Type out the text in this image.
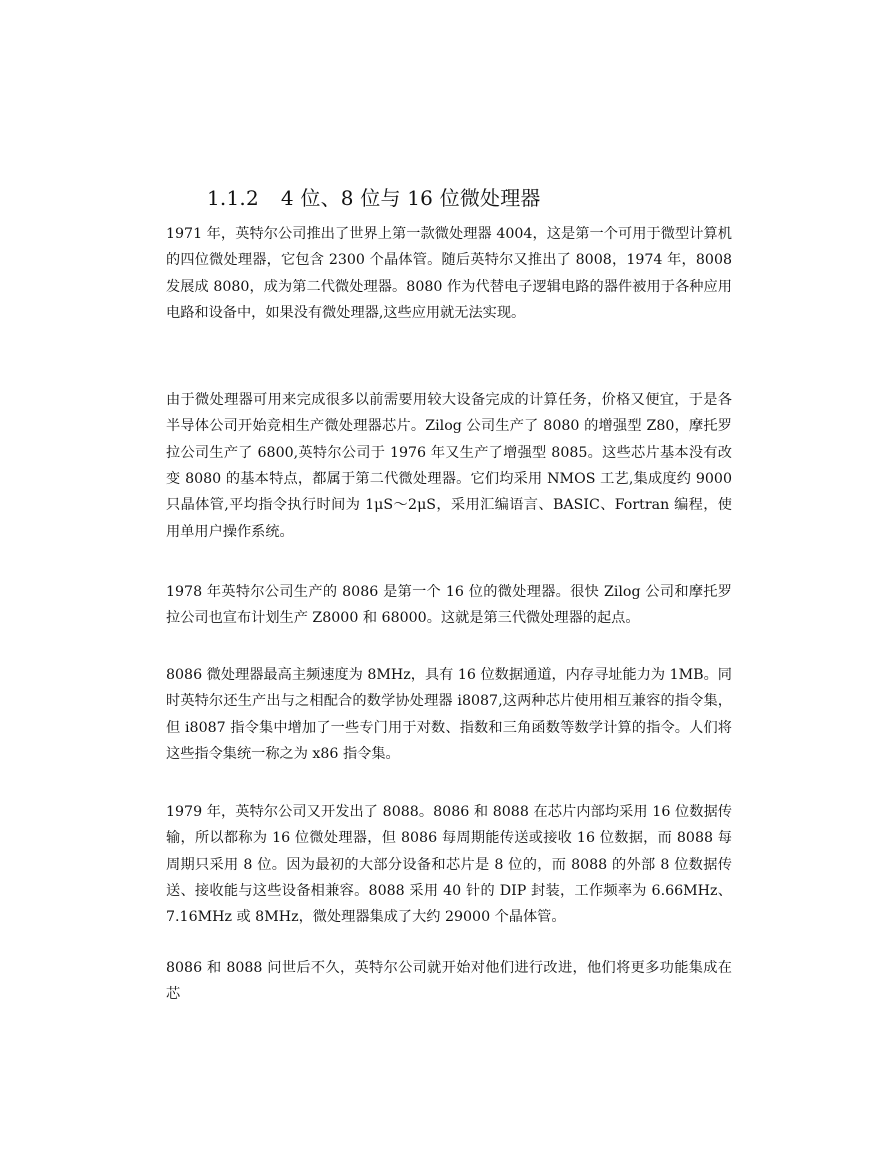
1.1.2 4 位、8 位与 16 位微处理器

1971 年，英特尔公司推出了世界上第一款微处理器 4004，这是第一个可用于微型计算机的四位微处理器，它包含 2300 个晶体管。随后英特尔又推出了 8008，1974 年，8008 发展成 8080，成为第二代微处理器。8080 作为代替电子逻辑电路的器件被用于各种应用电路和设备中，如果没有微处理器,这些应用就无法实现。

由于微处理器可用来完成很多以前需要用较大设备完成的计算任务，价格又便宜，于是各半导体公司开始竞相生产微处理器芯片。Zilog 公司生产了 8080 的增强型 Z80，摩托罗拉公司生产了 6800,英特尔公司于 1976 年又生产了增强型 8085。这些芯片基本没有改变 8080 的基本特点，都属于第二代微处理器。它们均采用 NMOS 工艺,集成度约 9000 只晶体管,平均指令执行时间为 1μS～2μS，采用汇编语言、BASIC、Fortran 编程，使用单用户操作系统。

1978 年英特尔公司生产的 8086 是第一个 16 位的微处理器。很快 Zilog 公司和摩托罗拉公司也宣布计划生产 Z8000 和 68000。这就是第三代微处理器的起点。

8086 微处理器最高主频速度为 8MHz，具有 16 位数据通道，内存寻址能力为 1MB。同时英特尔还生产出与之相配合的数学协处理器 i8087,这两种芯片使用相互兼容的指令集，但 i8087 指令集中增加了一些专门用于对数、指数和三角函数等数学计算的指令。人们将这些指令集统一称之为 x86 指令集。

1979 年，英特尔公司又开发出了 8088。8086 和 8088 在芯片内部均采用 16 位数据传输，所以都称为 16 位微处理器，但 8086 每周期能传送或接收 16 位数据，而 8088 每周期只采用 8 位。因为最初的大部分设备和芯片是 8 位的，而 8088 的外部 8 位数据传送、接收能与这些设备相兼容。8088 采用 40 针的 DIP 封装，工作频率为 6.66MHz、7.16MHz 或 8MHz，微处理器集成了大约 29000 个晶体管。

8086 和 8088 问世后不久，英特尔公司就开始对他们进行改进，他们将更多功能集成在芯
